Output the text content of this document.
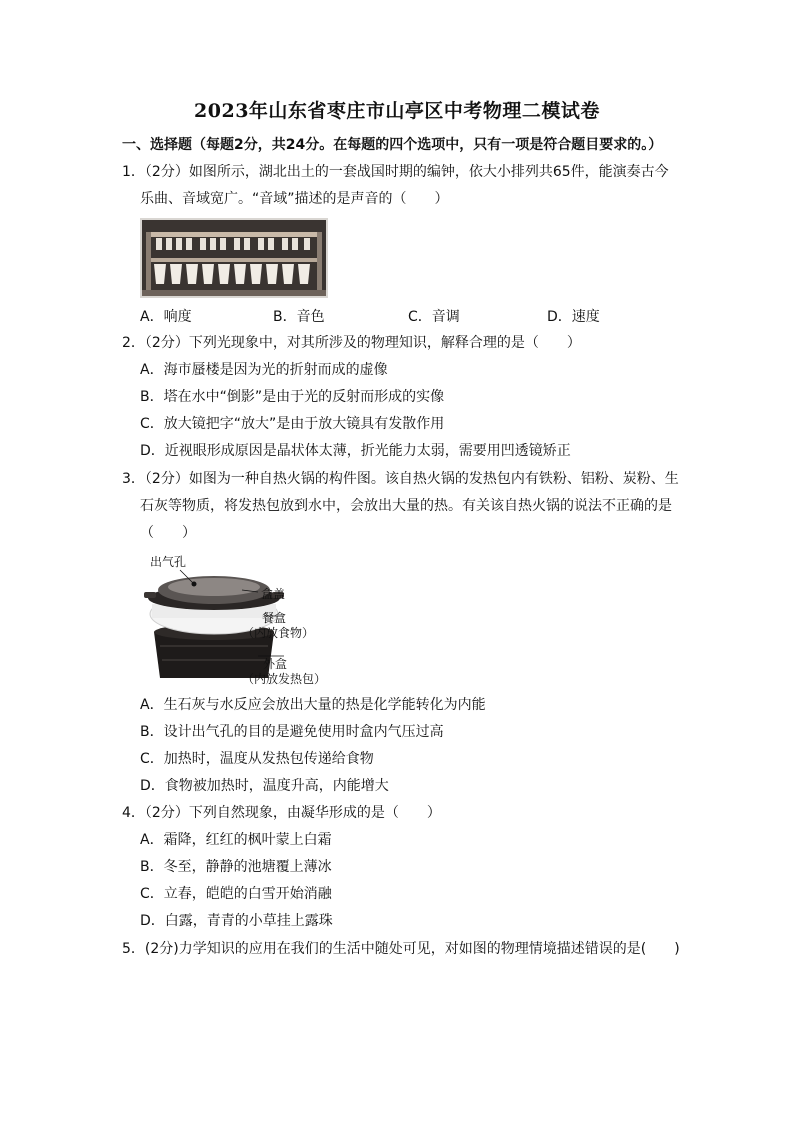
2023年山东省枣庄市山亭区中考物理二模试卷
一、选择题（每题2分，共24分。在每题的四个选项中，只有一项是符合题目要求的。）
1．（2分）如图所示，湖北出土的一套战国时期的编钟，依大小排列共65件，能演奏古今
乐曲、音域宽广。“音域”描述的是声音的（　　）
A．响度	B．音色	C．音调	D．速度
2．（2分）下列光现象中，对其所涉及的物理知识，解释合理的是（　　）
A．海市蜃楼是因为光的折射而成的虚像
B．塔在水中“倒影”是由于光的反射而形成的实像
C．放大镜把字“放大”是由于放大镜具有发散作用
D．近视眼形成原因是晶状体太薄，折光能力太弱，需要用凹透镜矫正
3．（2分）如图为一种自热火锅的构件图。该自热火锅的发热包内有铁粉、铝粉、炭粉、生
石灰等物质，将发热包放到水中，会放出大量的热。有关该自热火锅的说法不正确的是
（　　）
出气孔
盒盖
餐盒
（内放食物）
外盒
（内放发热包）
A．生石灰与水反应会放出大量的热是化学能转化为内能
B．设计出气孔的目的是避免使用时盒内气压过高
C．加热时，温度从发热包传递给食物
D．食物被加热时，温度升高，内能增大
4．（2分）下列自然现象，由凝华形成的是（　　）
A．霜降，红红的枫叶蒙上白霜
B．冬至，静静的池塘覆上薄冰
C．立春，皑皑的白雪开始消融
D．白露，青青的小草挂上露珠
5．(2分)力学知识的应用在我们的生活中随处可见，对如图的物理情境描述错误的是(　　)
